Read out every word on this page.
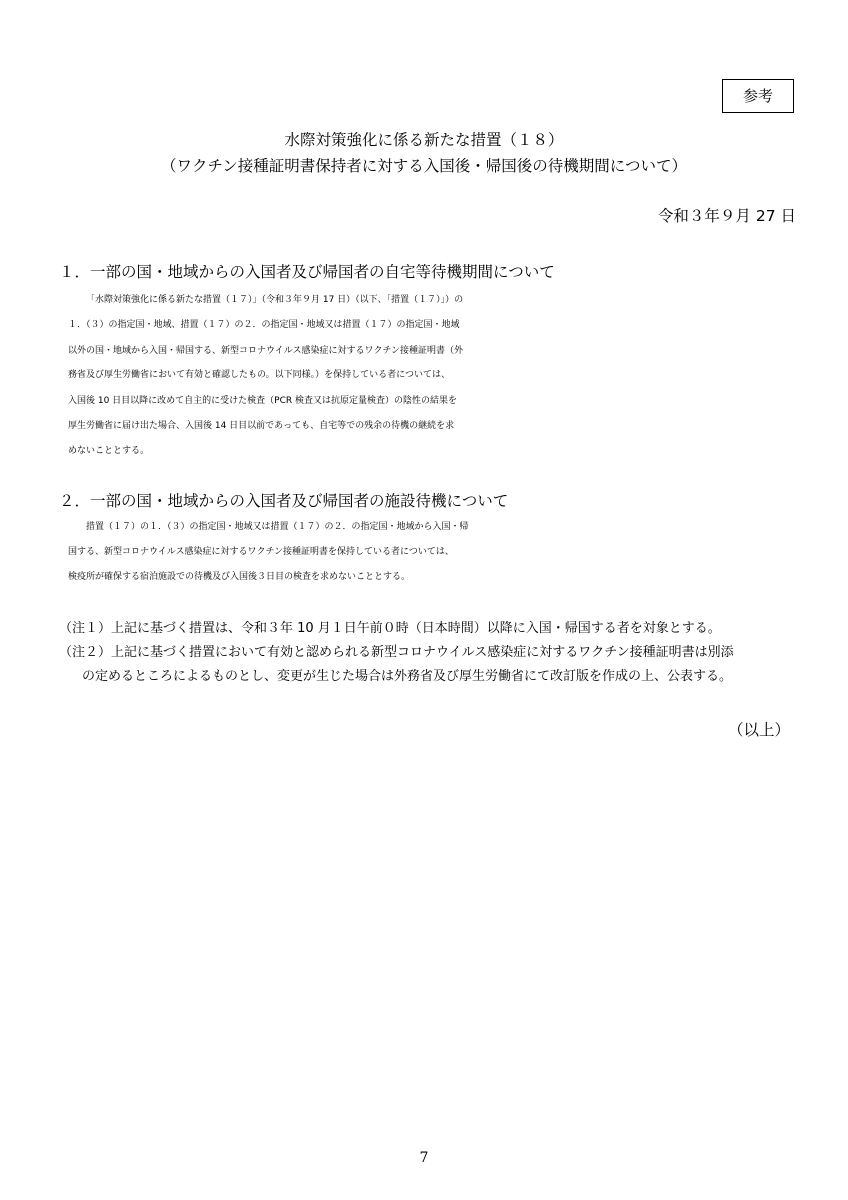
参考
水際対策強化に係る新たな措置（１８）
（ワクチン接種証明書保持者に対する入国後・帰国後の待機期間について）
令和３年９月 27 日
１．一部の国・地域からの入国者及び帰国者の自宅等待機期間について
「水際対策強化に係る新たな措置（１７）」（令和３年９月 17 日）（以下、「措置（１７）」）の
１．（３）の指定国・地域、措置（１７）の２．の指定国・地域又は措置（１７）の指定国・地域
以外の国・地域から入国・帰国する、新型コロナウイルス感染症に対するワクチン接種証明書（外
務省及び厚生労働省において有効と確認したもの。以下同様。）を保持している者については、
入国後 10 日目以降に改めて自主的に受けた検査（PCR 検査又は抗原定量検査）の陰性の結果を
厚生労働省に届け出た場合、入国後 14 日目以前であっても、自宅等での残余の待機の継続を求
めないこととする。
２．一部の国・地域からの入国者及び帰国者の施設待機について
措置（１７）の１．（３）の指定国・地域又は措置（１７）の２．の指定国・地域から入国・帰
国する、新型コロナウイルス感染症に対するワクチン接種証明書を保持している者については、
検疫所が確保する宿泊施設での待機及び入国後３日目の検査を求めないこととする。
（注１）上記に基づく措置は、令和３年 10 月１日午前０時（日本時間）以降に入国・帰国する者を対象とする。
（注２）上記に基づく措置において有効と認められる新型コロナウイルス感染症に対するワクチン接種証明書は別添
の定めるところによるものとし、変更が生じた場合は外務省及び厚生労働省にて改訂版を作成の上、公表する。
（以上）
7
